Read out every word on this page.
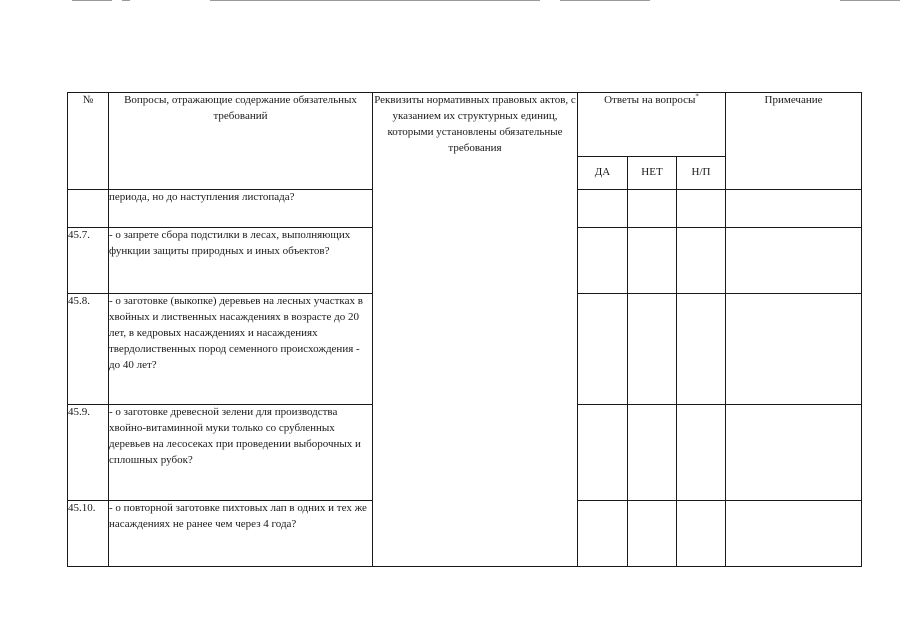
№	Вопросы, отражающие содержание обязательных требований	Реквизиты нормативных правовых актов, с указанием их структурных единиц, которыми установлены обязательные требования	Ответы на вопросы*			Примечание
			ДА	НЕТ	Н/П	
	периода, но до наступления листопада?					
45.7.	- о запрете сбора подстилки в лесах, выполняющих функции защиты природных и иных объектов?					
45.8.	- о заготовке (выкопке) деревьев на лесных участках в хвойных и лиственных насаждениях в возрасте до 20 лет, в кедровых насаждениях и насаждениях твердолиственных пород семенного происхождения - до 40 лет?					
45.9.	- о заготовке древесной зелени для производства хвойно-витаминной муки только со срубленных деревьев на лесосеках при проведении выборочных и сплошных рубок?					
45.10.	- о повторной заготовке пихтовых лап в одних и тех же насаждениях не ранее чем через 4 года?					
